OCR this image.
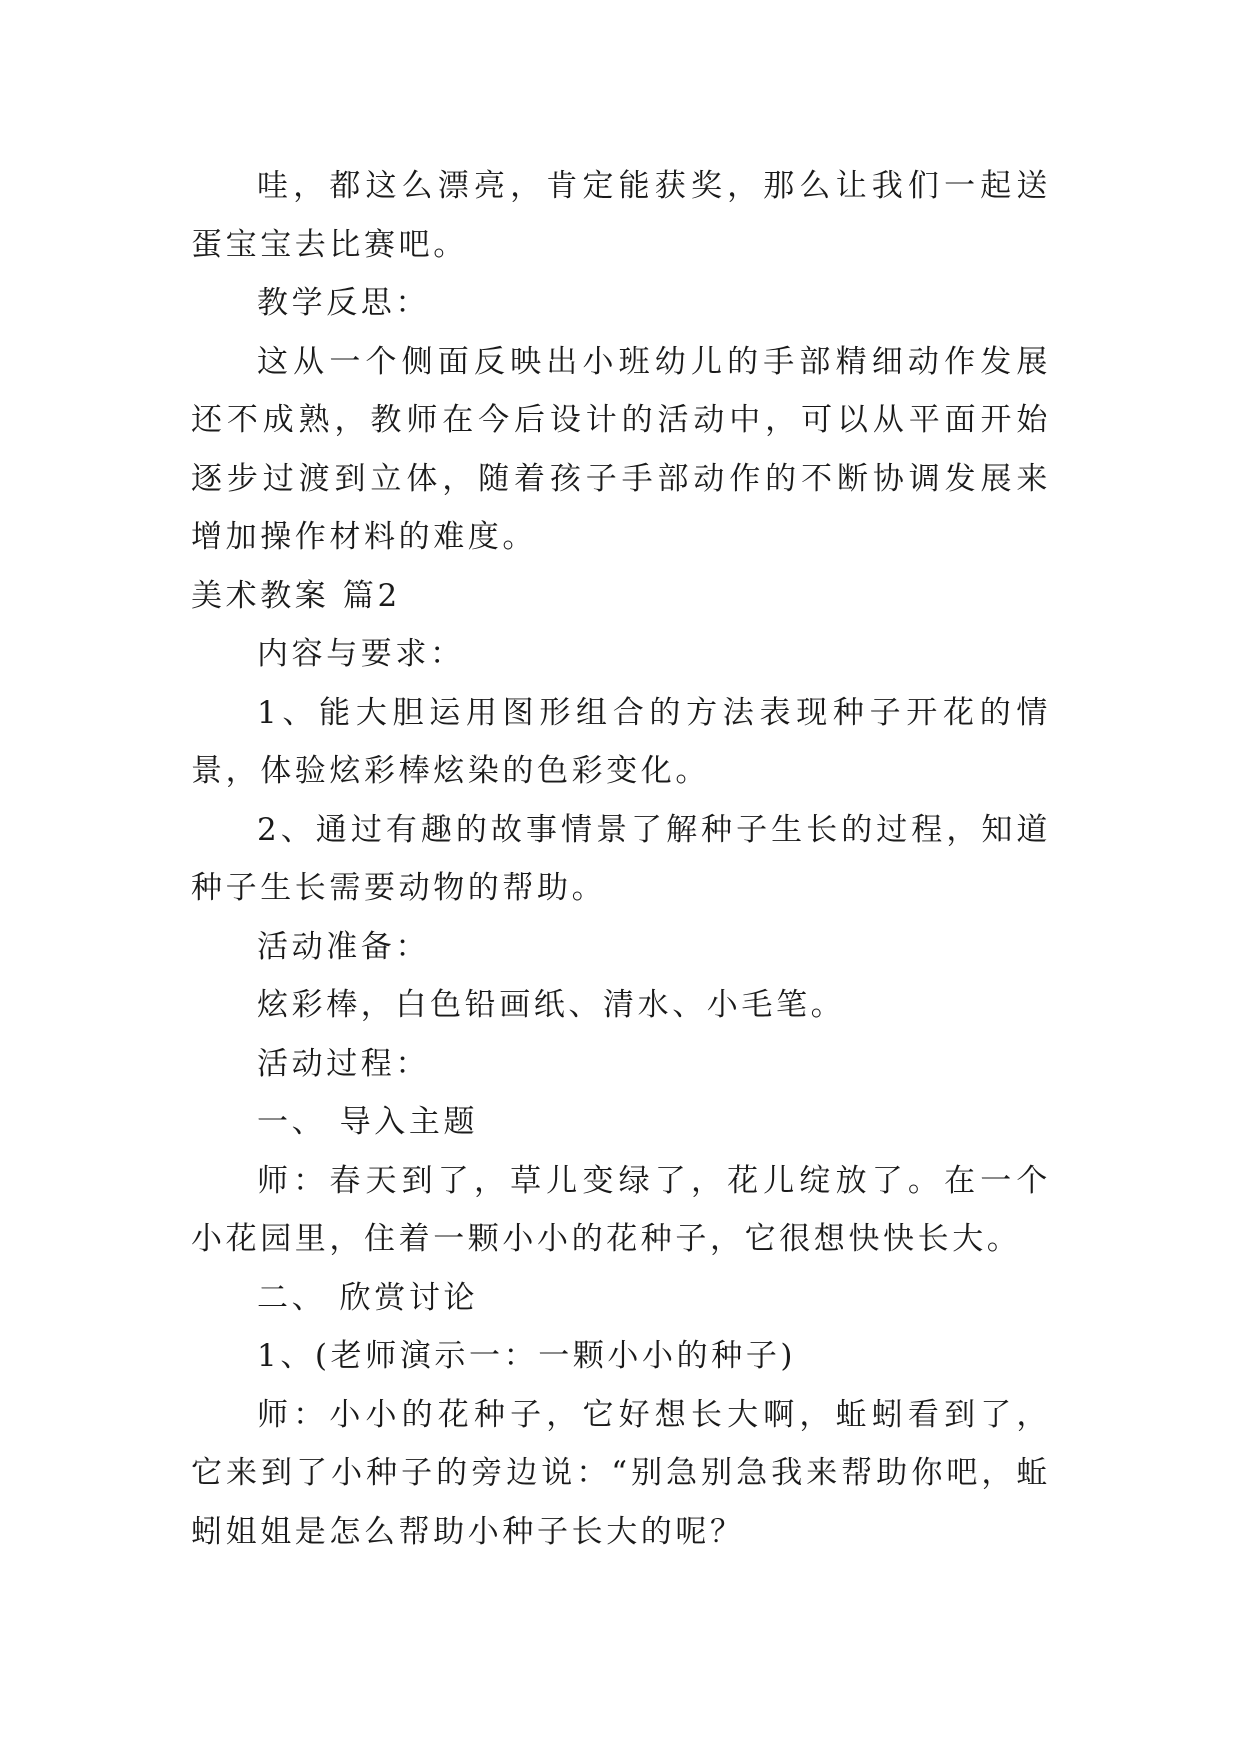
哇，都这么漂亮，肯定能获奖，那么让我们一起送蛋宝宝去比赛吧。

教学反思：

这从一个侧面反映出小班幼儿的手部精细动作发展还不成熟，教师在今后设计的活动中，可以从平面开始逐步过渡到立体，随着孩子手部动作的不断协调发展来增加操作材料的难度。

美术教案 篇2

内容与要求：

1、能大胆运用图形组合的方法表现种子开花的情景，体验炫彩棒炫染的色彩变化。

2、通过有趣的故事情景了解种子生长的过程，知道种子生长需要动物的帮助。

活动准备：

炫彩棒，白色铅画纸、清水、小毛笔。

活动过程：

一、 导入主题

师：春天到了，草儿变绿了，花儿绽放了。在一个小花园里，住着一颗小小的花种子，它很想快快长大。

二、 欣赏讨论

1、(老师演示一：一颗小小的种子)

师：小小的花种子，它好想长大啊，蚯蚓看到了，它来到了小种子的旁边说：“别急别急我来帮助你吧，蚯蚓姐姐是怎么帮助小种子长大的呢？
